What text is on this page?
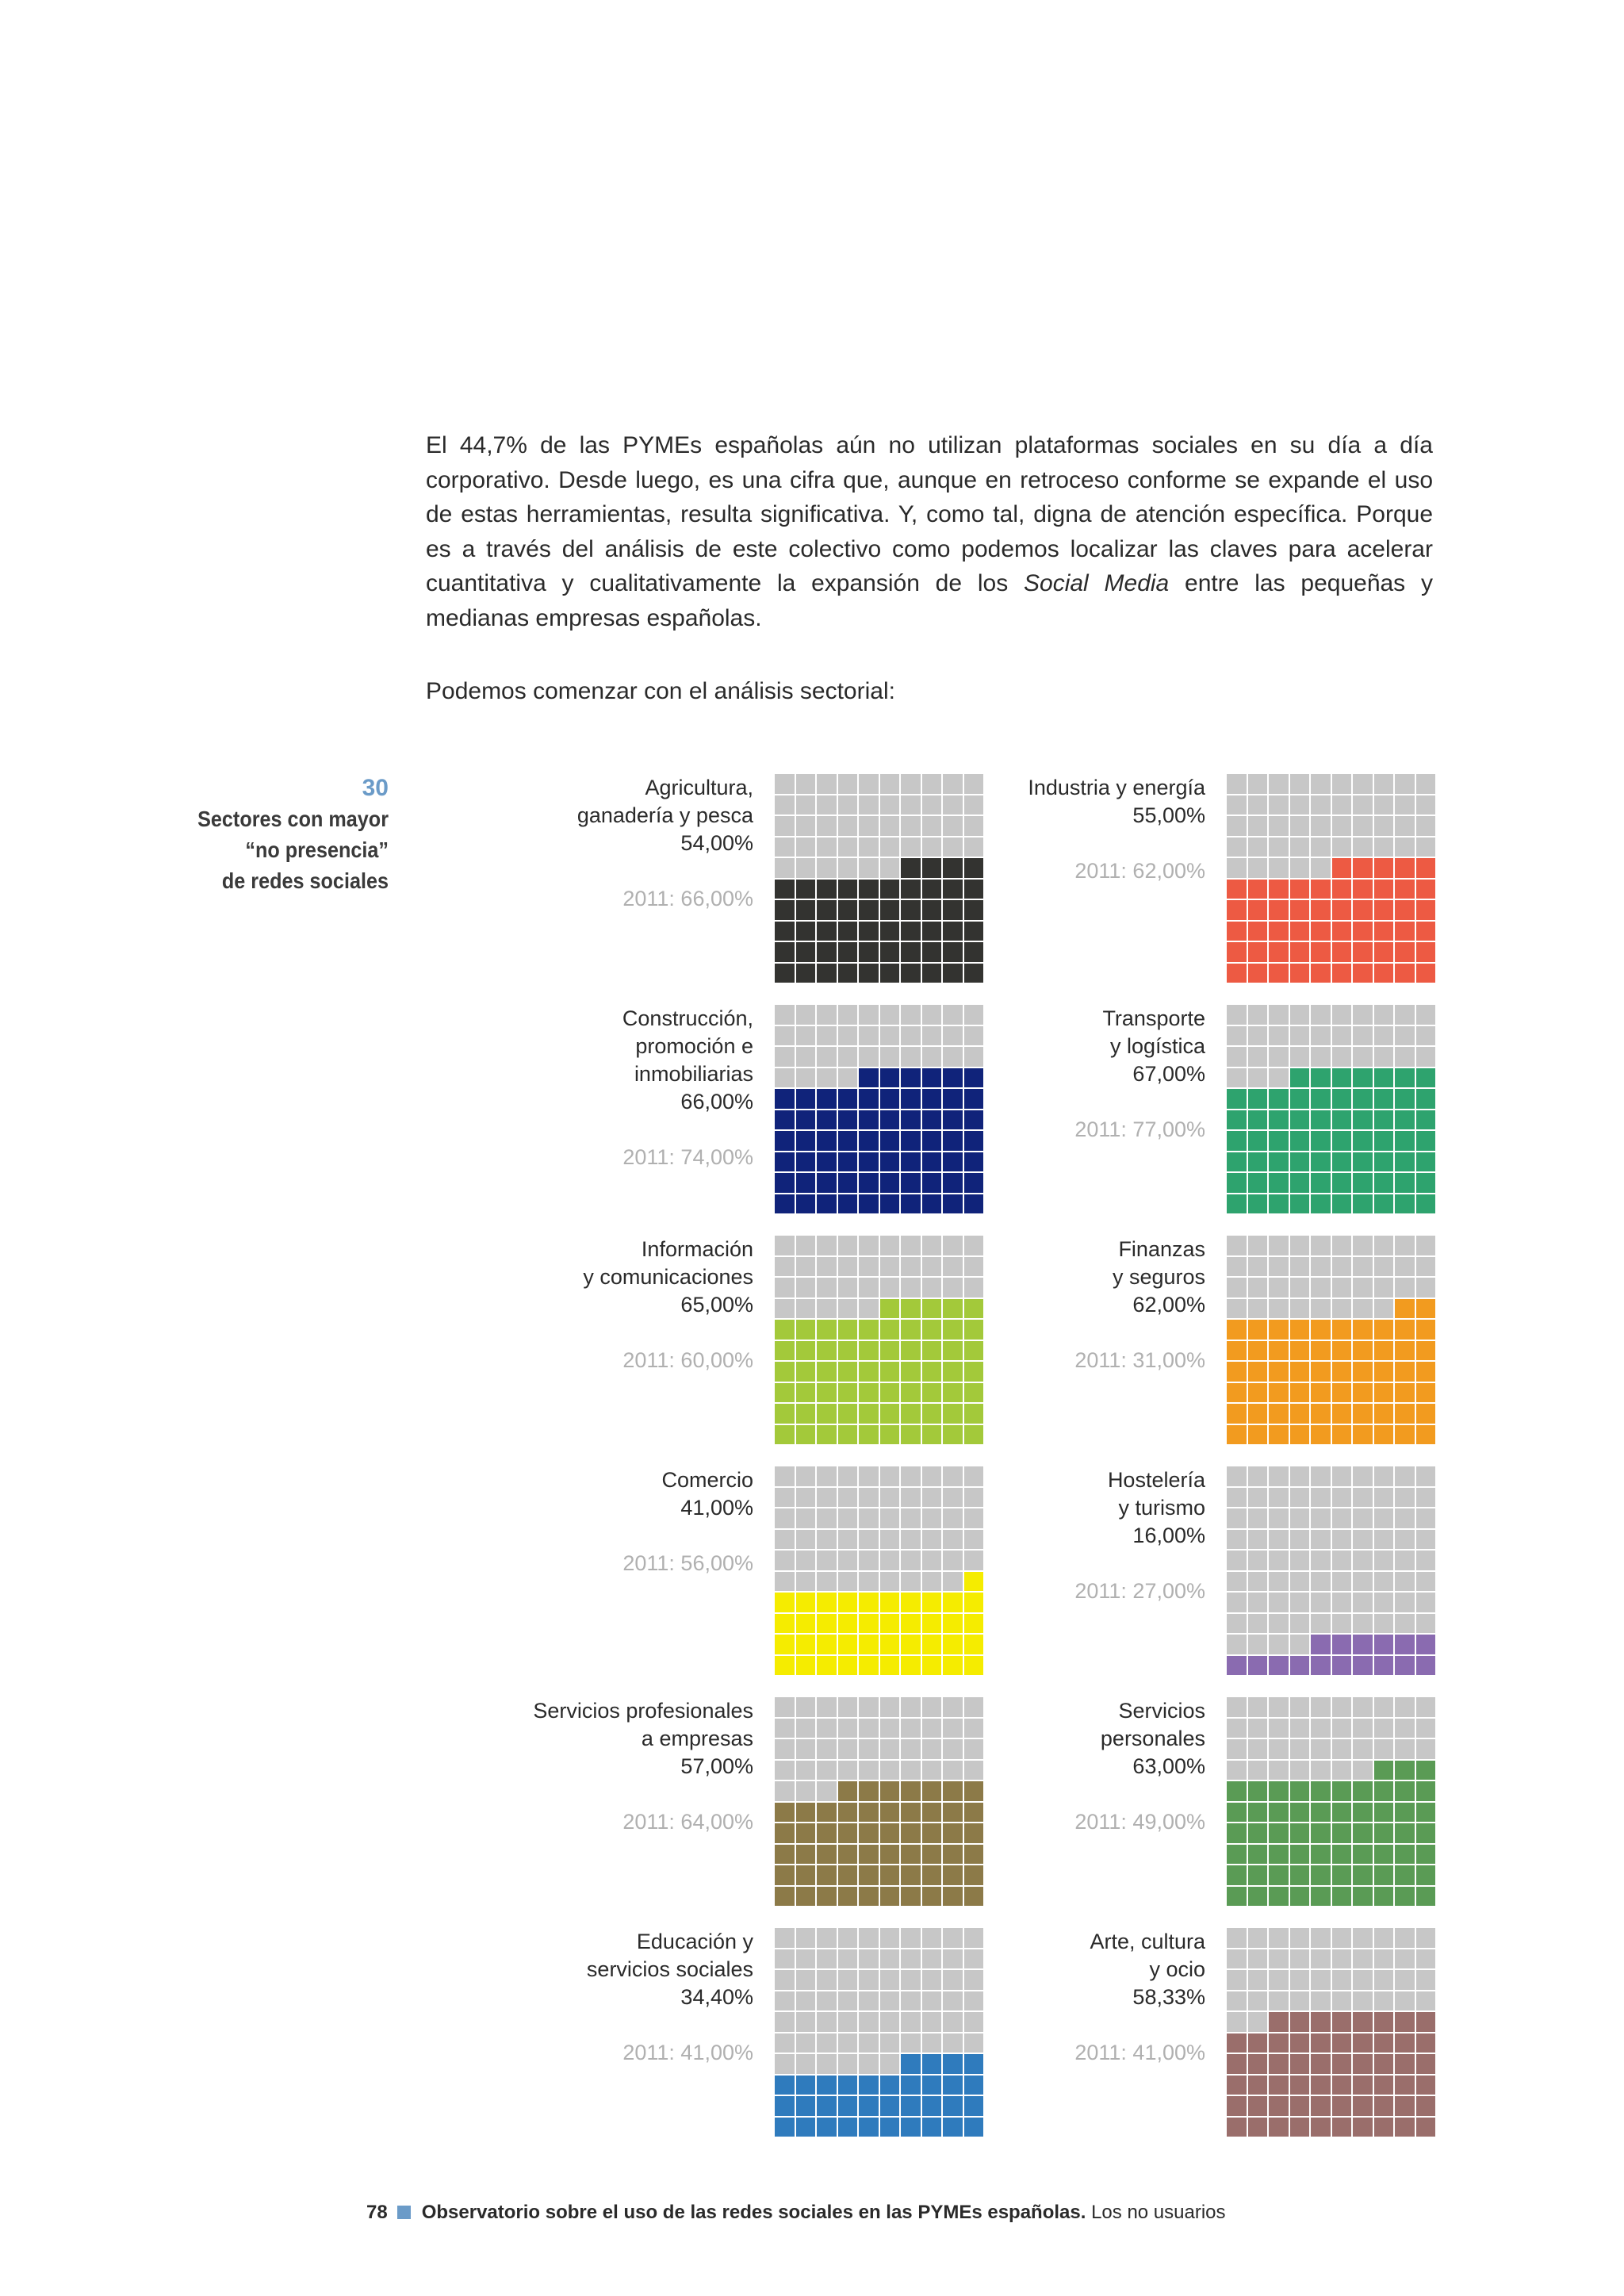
El 44,7% de las PYMEs españolas aún no utilizan plataformas sociales en su día a día corporativo. Desde luego, es una cifra que, aunque en retroceso conforme se expande el uso de estas herramientas, resulta significativa. Y, como tal, digna de atención específica. Porque es a través del análisis de este colectivo como podemos localizar las claves para acelerar cuantitativa y cualitativamente la expansión de los Social Media entre las pequeñas y medianas empresas españolas.

Podemos comenzar con el análisis sectorial:
30
Sectores con mayor
“no presencia”
de redes sociales
Agricultura,
ganadería y pesca
54,00%
2011: 66,00%
Industria y energía
55,00%
2011: 62,00%
Construcción,
promoción e
inmobiliarias
66,00%
2011: 74,00%
Transporte
y logística
67,00%
2011: 77,00%
Información
y comunicaciones
65,00%
2011: 60,00%
Finanzas
y seguros
62,00%
2011: 31,00%
Comercio
41,00%
2011: 56,00%
Hostelería
y turismo
16,00%
2011: 27,00%
Servicios profesionales
a empresas
57,00%
2011: 64,00%
Servicios
personales
63,00%
2011: 49,00%
Educación y
servicios sociales
34,40%
2011: 41,00%
Arte, cultura
y ocio
58,33%
2011: 41,00%
78 Observatorio sobre el uso de las redes sociales en las PYMEs españolas. Los no usuarios
